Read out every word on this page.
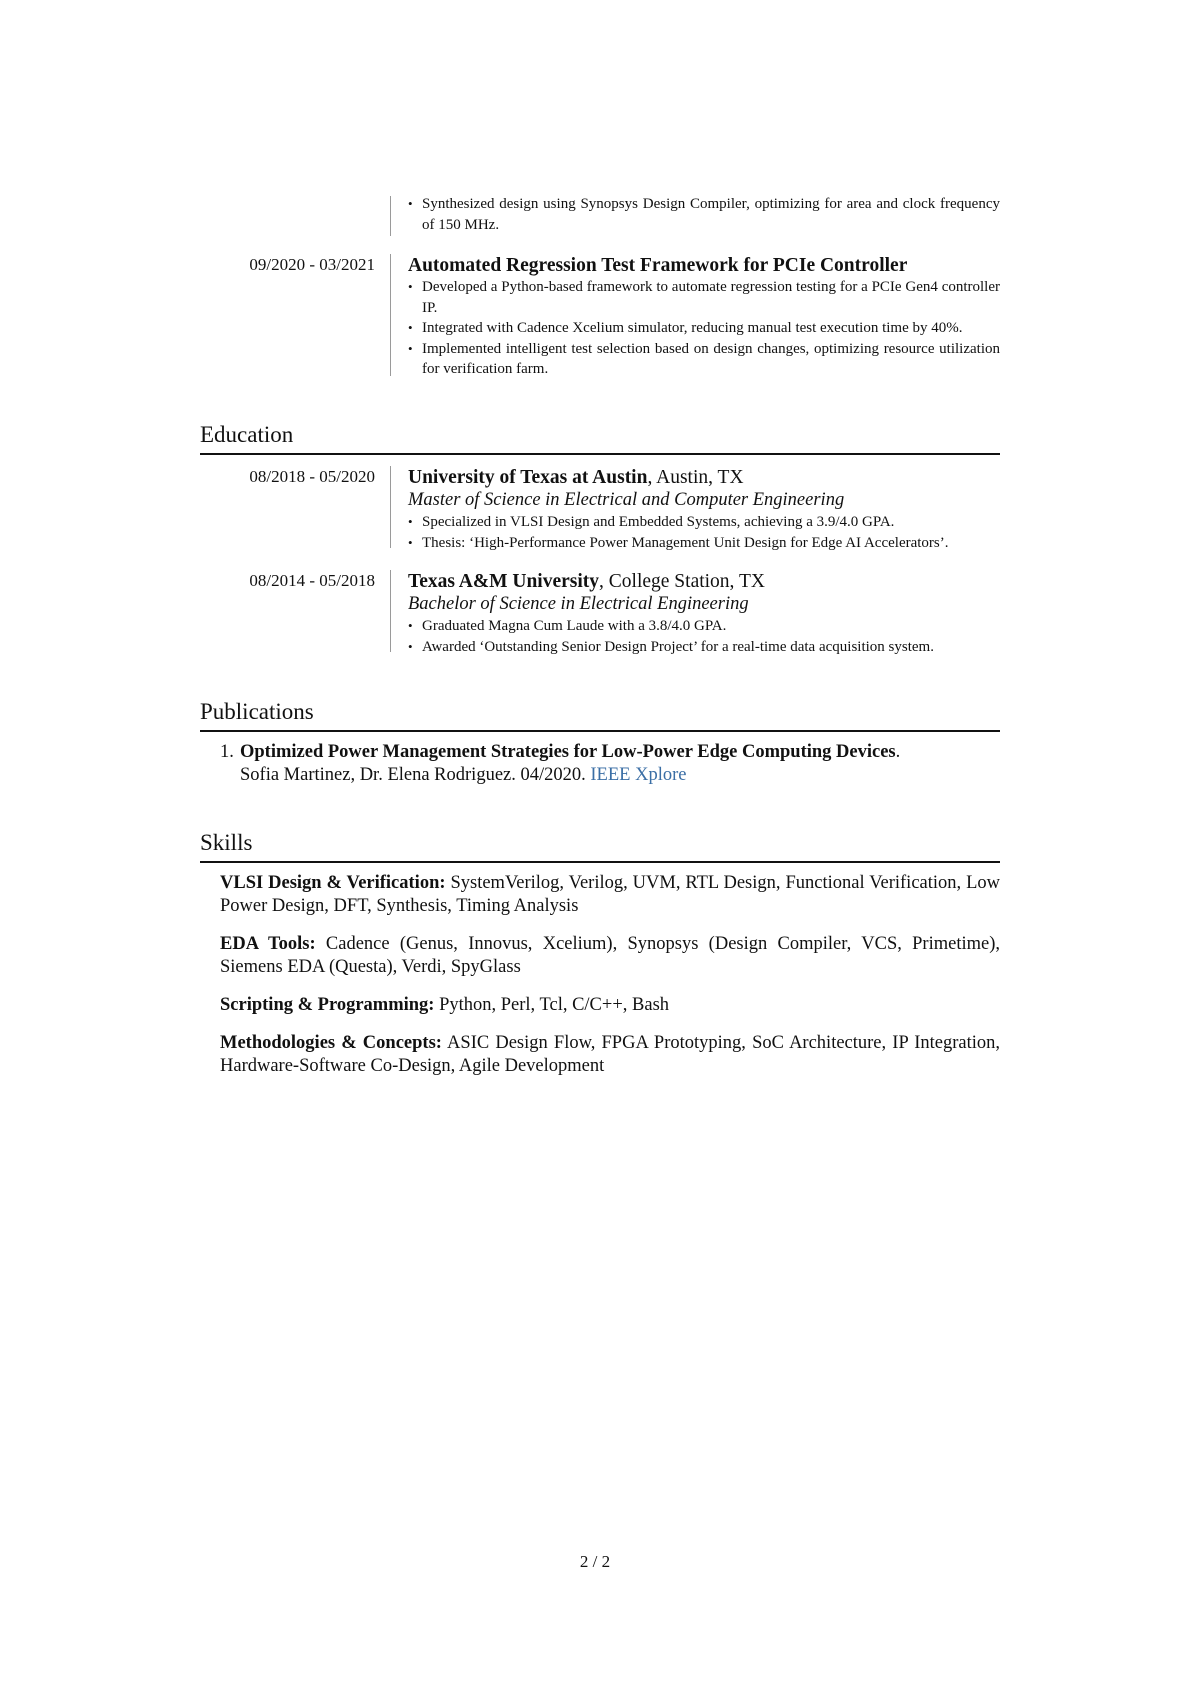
• Synthesized design using Synopsys Design Compiler, optimizing for area and clock frequency of 150 MHz.
09/2020 - 03/2021 Automated Regression Test Framework for PCIe Controller
• Developed a Python-based framework to automate regression testing for a PCIe Gen4 controller IP.
• Integrated with Cadence Xcelium simulator, reducing manual test execution time by 40%.
• Implemented intelligent test selection based on design changes, optimizing resource utilization for verification farm.
Education
08/2018 - 05/2020 University of Texas at Austin, Austin, TX
Master of Science in Electrical and Computer Engineering
• Specialized in VLSI Design and Embedded Systems, achieving a 3.9/4.0 GPA.
• Thesis: ‘High-Performance Power Management Unit Design for Edge AI Accelerators’.
08/2014 - 05/2018 Texas A&M University, College Station, TX
Bachelor of Science in Electrical Engineering
• Graduated Magna Cum Laude with a 3.8/4.0 GPA.
• Awarded ‘Outstanding Senior Design Project’ for a real-time data acquisition system.
Publications
1. Optimized Power Management Strategies for Low-Power Edge Computing Devices.
Sofia Martinez, Dr. Elena Rodriguez. 04/2020. IEEE Xplore
Skills
VLSI Design & Verification: SystemVerilog, Verilog, UVM, RTL Design, Functional Verification, Low Power Design, DFT, Synthesis, Timing Analysis
EDA Tools: Cadence (Genus, Innovus, Xcelium), Synopsys (Design Compiler, VCS, Primetime), Siemens EDA (Questa), Verdi, SpyGlass
Scripting & Programming: Python, Perl, Tcl, C/C++, Bash
Methodologies & Concepts: ASIC Design Flow, FPGA Prototyping, SoC Architecture, IP Integration, Hardware-Software Co-Design, Agile Development
2 / 2
